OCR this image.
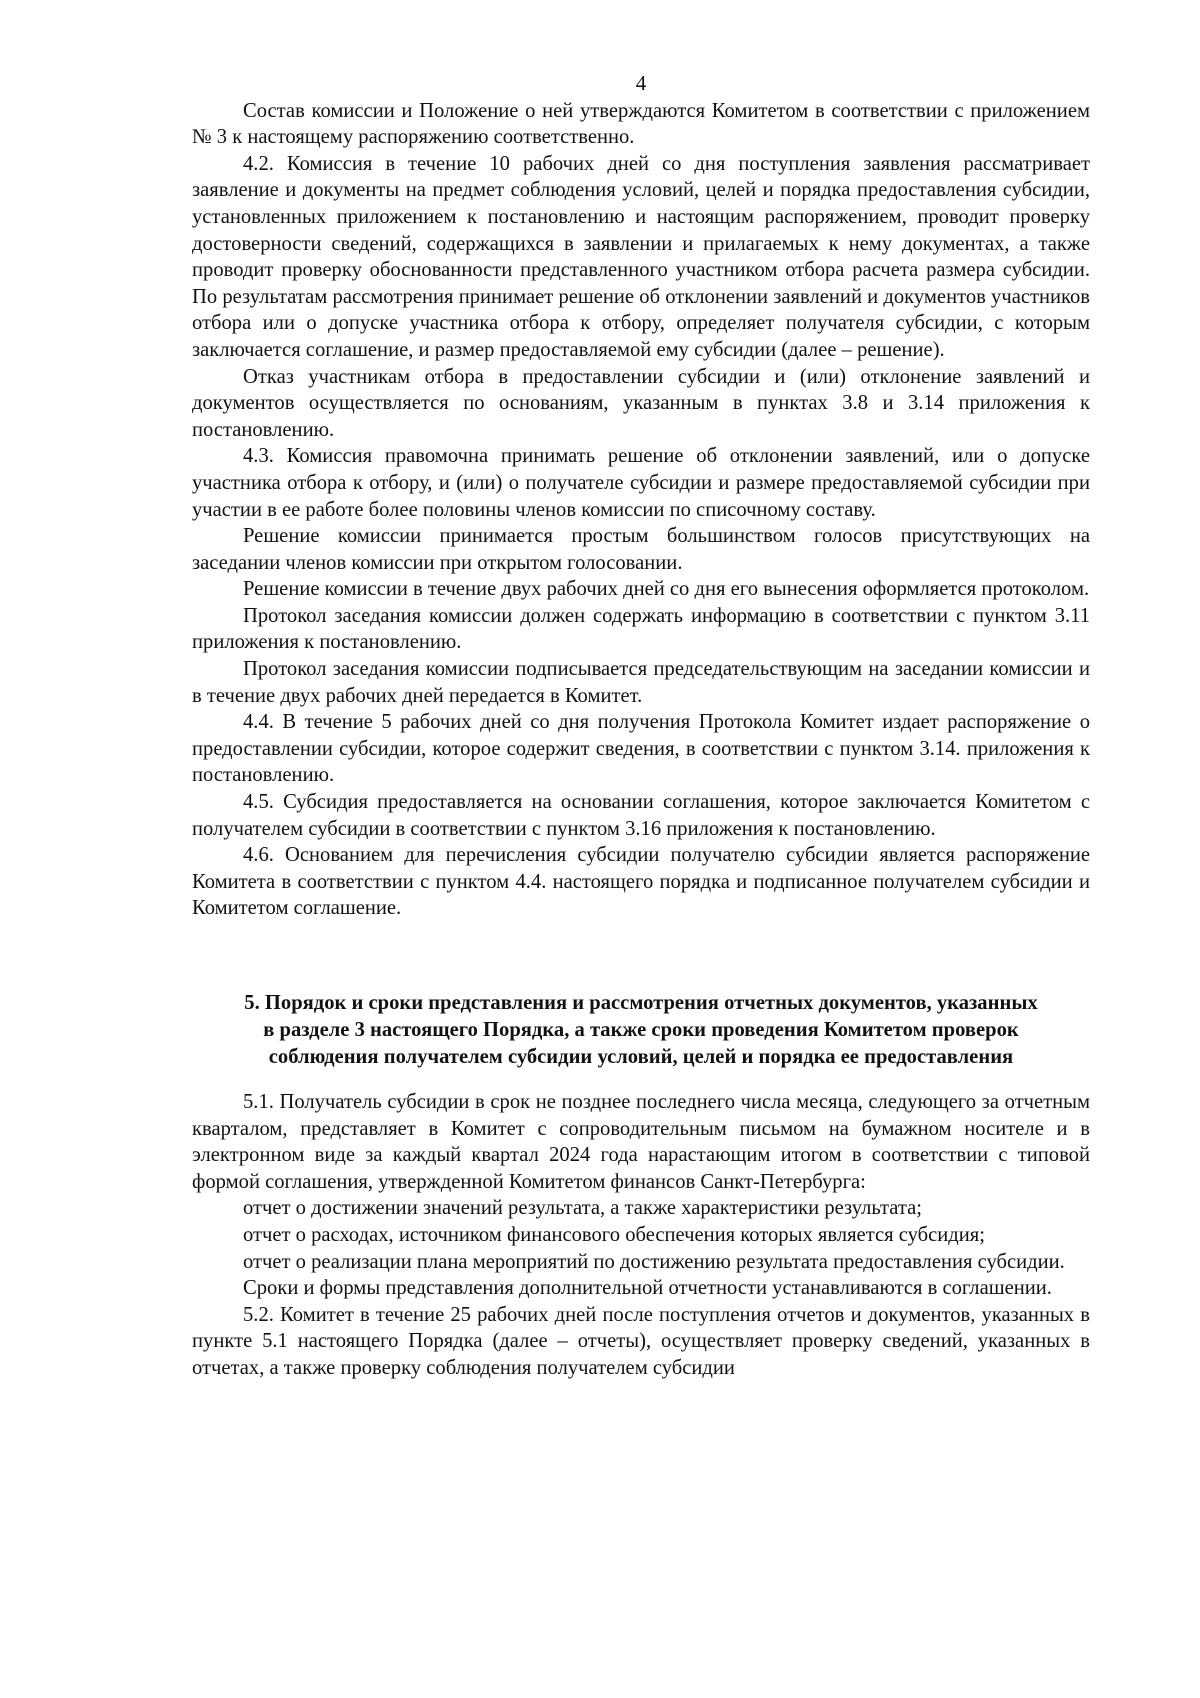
4

Состав комиссии и Положение о ней утверждаются Комитетом в соответствии с приложением № 3 к настоящему распоряжению соответственно.

4.2. Комиссия в течение 10 рабочих дней со дня поступления заявления рассматривает заявление и документы на предмет соблюдения условий, целей и порядка предоставления субсидии, установленных приложением к постановлению и настоящим распоряжением, проводит проверку достоверности сведений, содержащихся в заявлении и прилагаемых к нему документах, а также проводит проверку обоснованности представленного участником отбора расчета размера субсидии. По результатам рассмотрения принимает решение об отклонении заявлений и документов участников отбора или о допуске участника отбора к отбору, определяет получателя субсидии, с которым заключается соглашение, и размер предоставляемой ему субсидии (далее – решение).

Отказ участникам отбора в предоставлении субсидии и (или) отклонение заявлений и документов осуществляется по основаниям, указанным в пунктах 3.8 и 3.14 приложения к постановлению.

4.3. Комиссия правомочна принимать решение об отклонении заявлений, или о допуске участника отбора к отбору, и (или) о получателе субсидии и размере предоставляемой субсидии при участии в ее работе более половины членов комиссии по списочному составу.

Решение комиссии принимается простым большинством голосов присутствующих на заседании членов комиссии при открытом голосовании.

Решение комиссии в течение двух рабочих дней со дня его вынесения оформляется протоколом.

Протокол заседания комиссии должен содержать информацию в соответствии с пунктом 3.11 приложения к постановлению.

Протокол заседания комиссии подписывается председательствующим на заседании комиссии и в течение двух рабочих дней передается в Комитет.

4.4. В течение 5 рабочих дней со дня получения Протокола Комитет издает распоряжение о предоставлении субсидии, которое содержит сведения, в соответствии с пунктом 3.14. приложения к постановлению.

4.5. Субсидия предоставляется на основании соглашения, которое заключается Комитетом с получателем субсидии в соответствии с пунктом 3.16 приложения к постановлению.

4.6. Основанием для перечисления субсидии получателю субсидии является распоряжение Комитета в соответствии с пунктом 4.4. настоящего порядка и подписанное получателем субсидии и Комитетом соглашение.

5. Порядок и сроки представления и рассмотрения отчетных документов, указанных
в разделе 3 настоящего Порядка, а также сроки проведения Комитетом проверок
соблюдения получателем субсидии условий, целей и порядка ее предоставления

5.1. Получатель субсидии в срок не позднее последнего числа месяца, следующего за отчетным кварталом, представляет в Комитет с сопроводительным письмом на бумажном носителе и в электронном виде за каждый квартал 2024 года нарастающим итогом в соответствии с типовой формой соглашения, утвержденной Комитетом финансов Санкт-Петербурга:

отчет о достижении значений результата, а также характеристики результата;

отчет о расходах, источником финансового обеспечения которых является субсидия;

отчет о реализации плана мероприятий по достижению результата предоставления субсидии.

Сроки и формы представления дополнительной отчетности устанавливаются в соглашении.

5.2. Комитет в течение 25 рабочих дней после поступления отчетов и документов, указанных в пункте 5.1 настоящего Порядка (далее – отчеты), осуществляет проверку сведений, указанных в отчетах, а также проверку соблюдения получателем субсидии
